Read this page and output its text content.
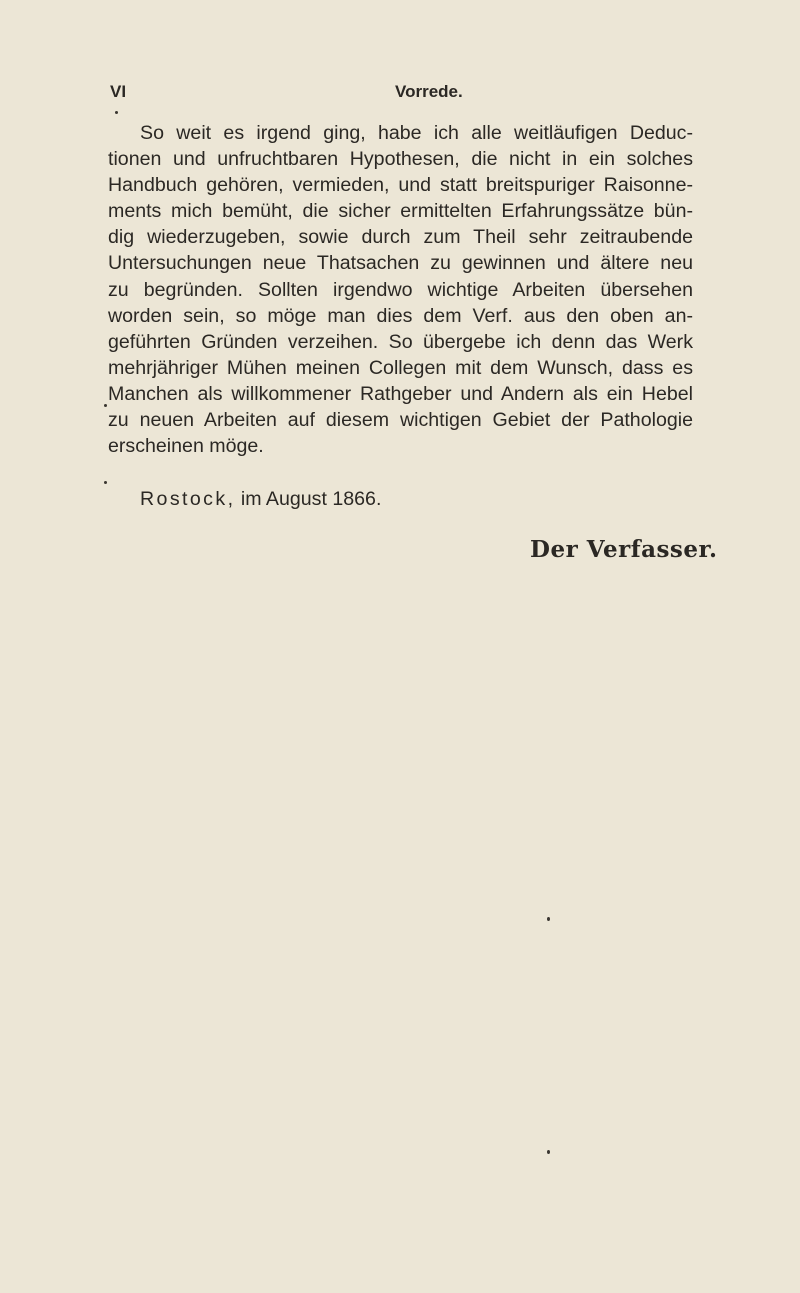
VI	Vorrede.

So weit es irgend ging, habe ich alle weitläufigen Deduc-
tionen und unfruchtbaren Hypothesen, die nicht in ein solches
Handbuch gehören, vermieden, und statt breitspuriger Raisonne-
ments mich bemüht, die sicher ermittelten Erfahrungssätze bün-
dig wiederzugeben, sowie durch zum Theil sehr zeitraubende
Untersuchungen neue Thatsachen zu gewinnen und ältere neu
zu begründen. Sollten irgendwo wichtige Arbeiten übersehen
worden sein, so möge man dies dem Verf. aus den oben an-
geführten Gründen verzeihen. So übergebe ich denn das Werk
mehrjähriger Mühen meinen Collegen mit dem Wunsch, dass es
Manchen als willkommener Rathgeber und Andern als ein Hebel
zu neuen Arbeiten auf diesem wichtigen Gebiet der Pathologie
erscheinen möge.

Rostock, im August 1866.
Der Verfasser.
